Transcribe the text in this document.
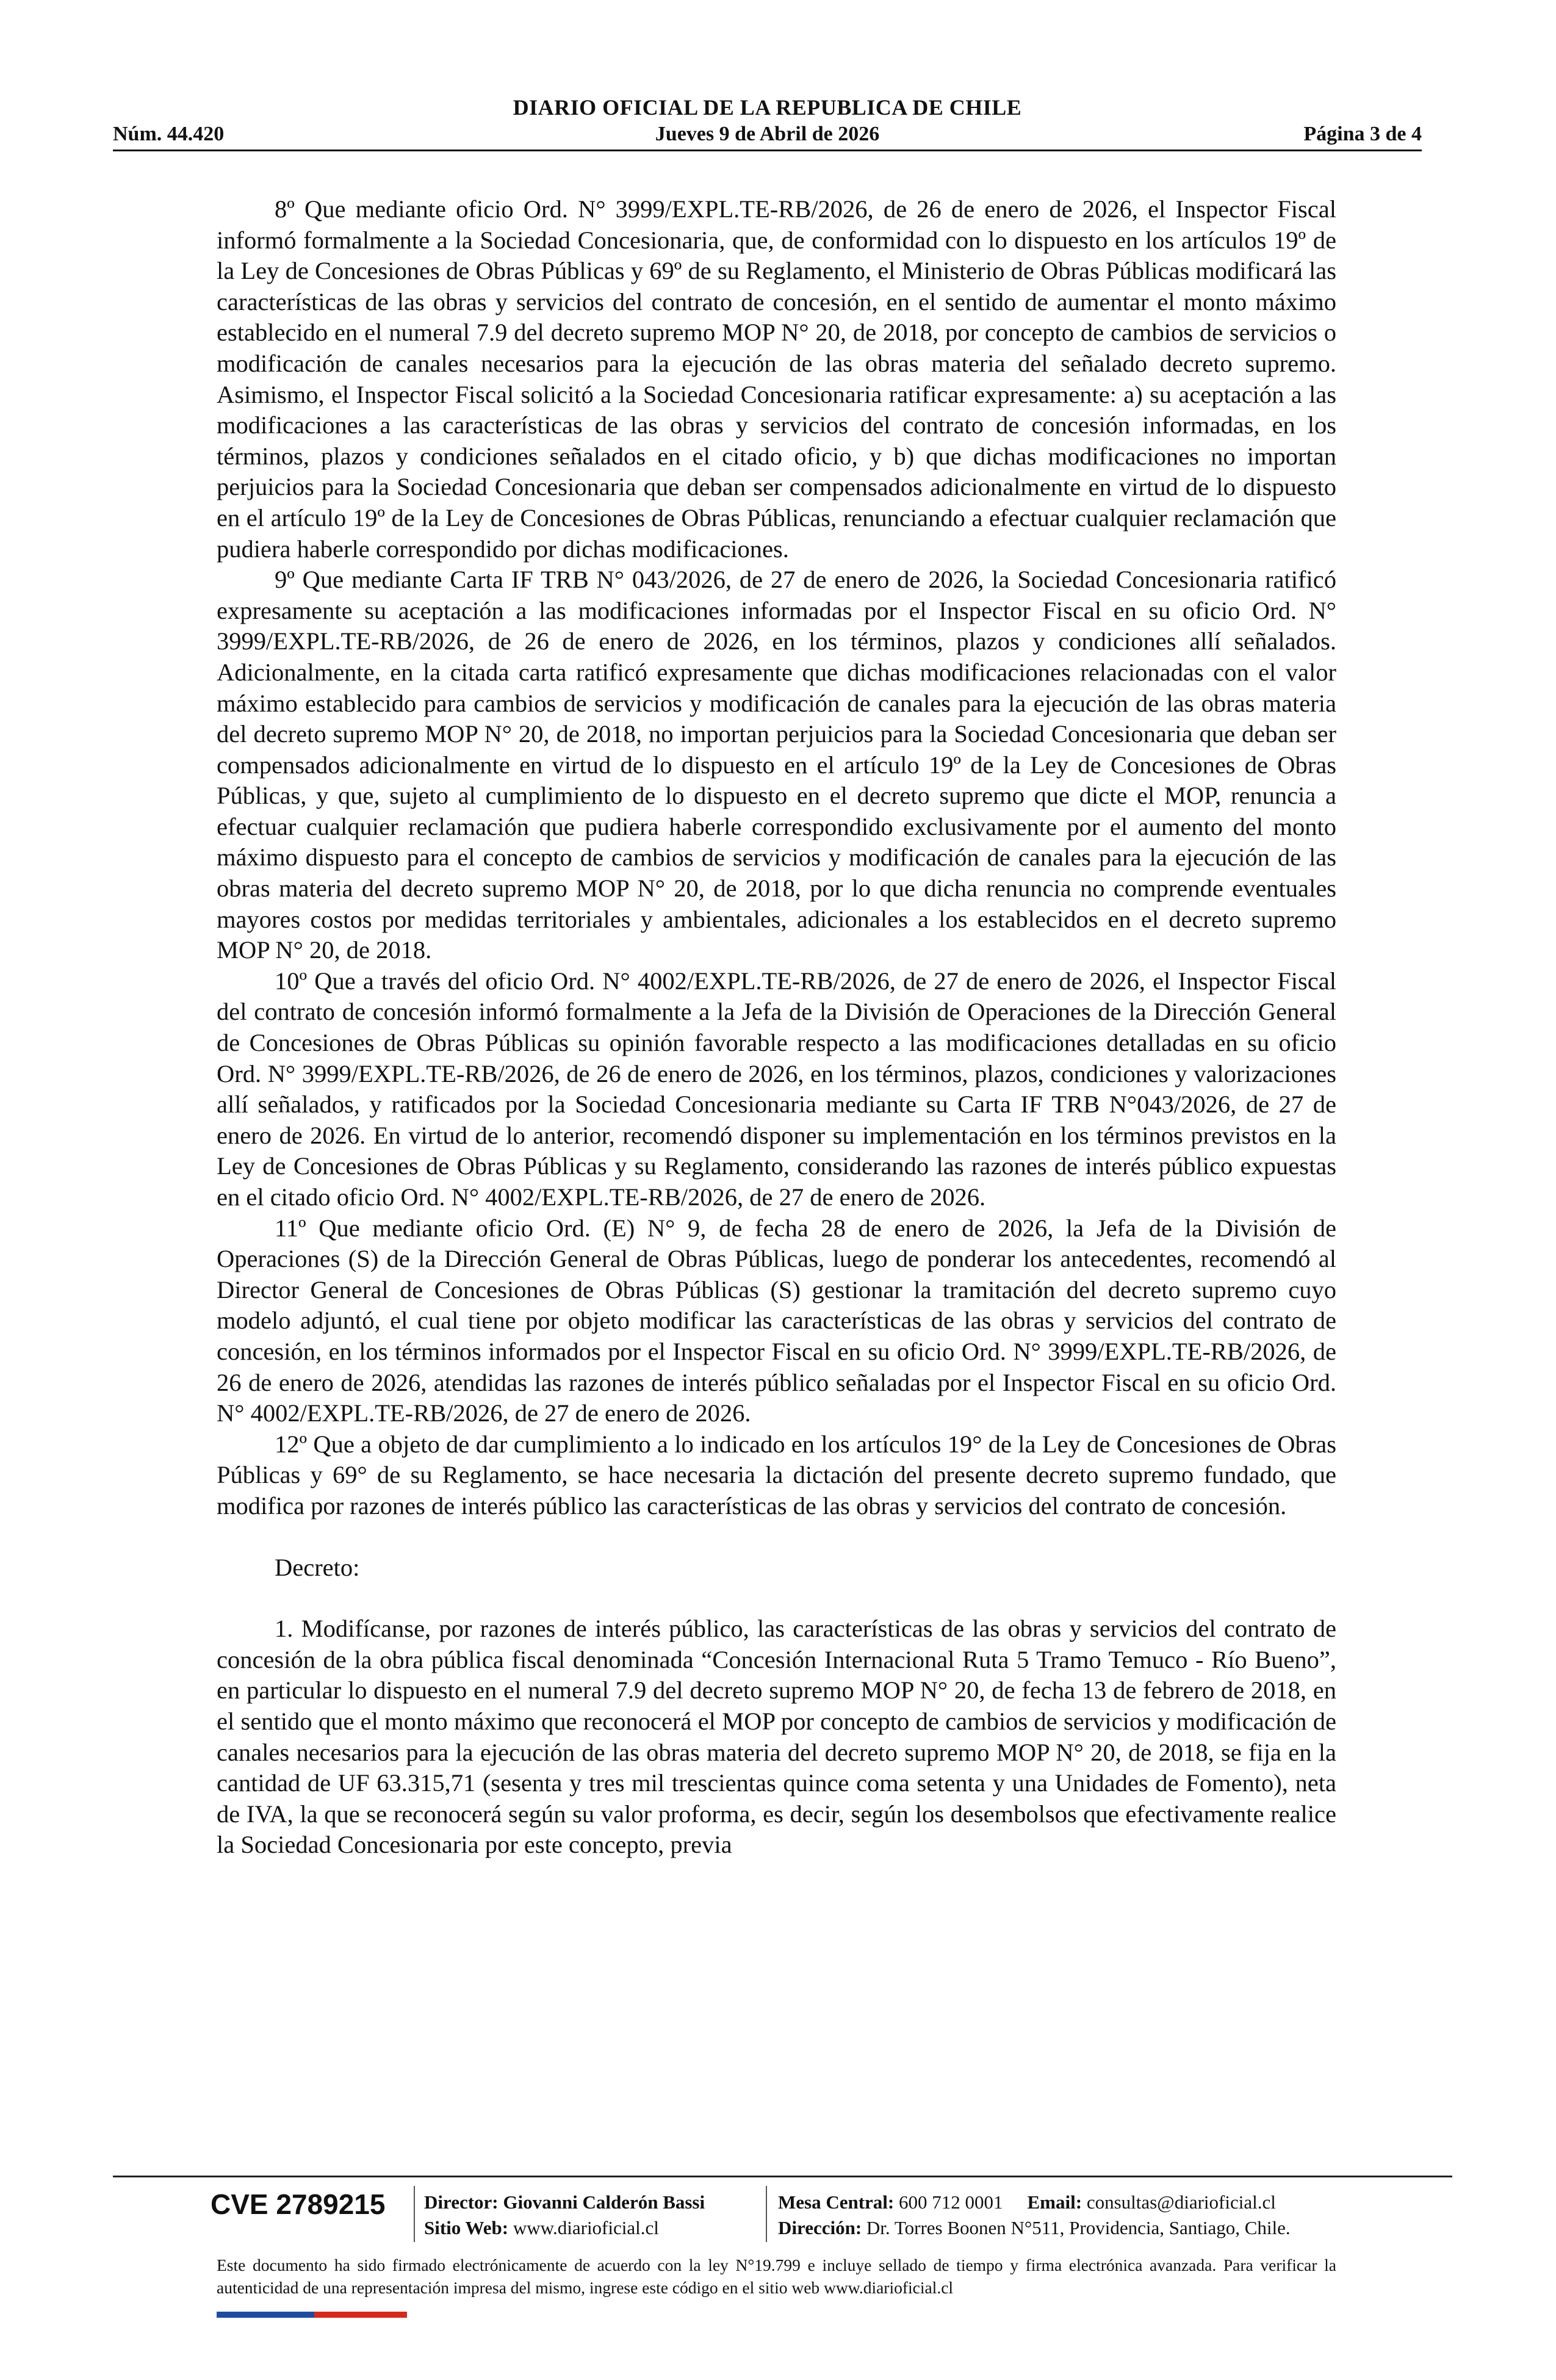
DIARIO OFICIAL DE LA REPUBLICA DE CHILE
Núm. 44.420	Jueves 9 de Abril de 2026	Página 3 de 4

8º Que mediante oficio Ord. N° 3999/EXPL.TE-RB/2026, de 26 de enero de 2026, el Inspector Fiscal informó formalmente a la Sociedad Concesionaria, que, de conformidad con lo dispuesto en los artículos 19º de la Ley de Concesiones de Obras Públicas y 69º de su Reglamento, el Ministerio de Obras Públicas modificará las características de las obras y servicios del contrato de concesión, en el sentido de aumentar el monto máximo establecido en el numeral 7.9 del decreto supremo MOP N° 20, de 2018, por concepto de cambios de servicios o modificación de canales necesarios para la ejecución de las obras materia del señalado decreto supremo. Asimismo, el Inspector Fiscal solicitó a la Sociedad Concesionaria ratificar expresamente: a) su aceptación a las modificaciones a las características de las obras y servicios del contrato de concesión informadas, en los términos, plazos y condiciones señalados en el citado oficio, y b) que dichas modificaciones no importan perjuicios para la Sociedad Concesionaria que deban ser compensados adicionalmente en virtud de lo dispuesto en el artículo 19º de la Ley de Concesiones de Obras Públicas, renunciando a efectuar cualquier reclamación que pudiera haberle correspondido por dichas modificaciones.

9º Que mediante Carta IF TRB N° 043/2026, de 27 de enero de 2026, la Sociedad Concesionaria ratificó expresamente su aceptación a las modificaciones informadas por el Inspector Fiscal en su oficio Ord. N° 3999/EXPL.TE-RB/2026, de 26 de enero de 2026, en los términos, plazos y condiciones allí señalados. Adicionalmente, en la citada carta ratificó expresamente que dichas modificaciones relacionadas con el valor máximo establecido para cambios de servicios y modificación de canales para la ejecución de las obras materia del decreto supremo MOP N° 20, de 2018, no importan perjuicios para la Sociedad Concesionaria que deban ser compensados adicionalmente en virtud de lo dispuesto en el artículo 19º de la Ley de Concesiones de Obras Públicas, y que, sujeto al cumplimiento de lo dispuesto en el decreto supremo que dicte el MOP, renuncia a efectuar cualquier reclamación que pudiera haberle correspondido exclusivamente por el aumento del monto máximo dispuesto para el concepto de cambios de servicios y modificación de canales para la ejecución de las obras materia del decreto supremo MOP N° 20, de 2018, por lo que dicha renuncia no comprende eventuales mayores costos por medidas territoriales y ambientales, adicionales a los establecidos en el decreto supremo MOP N° 20, de 2018.

10º Que a través del oficio Ord. N° 4002/EXPL.TE-RB/2026, de 27 de enero de 2026, el Inspector Fiscal del contrato de concesión informó formalmente a la Jefa de la División de Operaciones de la Dirección General de Concesiones de Obras Públicas su opinión favorable respecto a las modificaciones detalladas en su oficio Ord. N° 3999/EXPL.TE-RB/2026, de 26 de enero de 2026, en los términos, plazos, condiciones y valorizaciones allí señalados, y ratificados por la Sociedad Concesionaria mediante su Carta IF TRB N°043/2026, de 27 de enero de 2026. En virtud de lo anterior, recomendó disponer su implementación en los términos previstos en la Ley de Concesiones de Obras Públicas y su Reglamento, considerando las razones de interés público expuestas en el citado oficio Ord. N° 4002/EXPL.TE-RB/2026, de 27 de enero de 2026.

11º Que mediante oficio Ord. (E) N° 9, de fecha 28 de enero de 2026, la Jefa de la División de Operaciones (S) de la Dirección General de Obras Públicas, luego de ponderar los antecedentes, recomendó al Director General de Concesiones de Obras Públicas (S) gestionar la tramitación del decreto supremo cuyo modelo adjuntó, el cual tiene por objeto modificar las características de las obras y servicios del contrato de concesión, en los términos informados por el Inspector Fiscal en su oficio Ord. N° 3999/EXPL.TE-RB/2026, de 26 de enero de 2026, atendidas las razones de interés público señaladas por el Inspector Fiscal en su oficio Ord. N° 4002/EXPL.TE-RB/2026, de 27 de enero de 2026.

12º Que a objeto de dar cumplimiento a lo indicado en los artículos 19° de la Ley de Concesiones de Obras Públicas y 69° de su Reglamento, se hace necesaria la dictación del presente decreto supremo fundado, que modifica por razones de interés público las características de las obras y servicios del contrato de concesión.

Decreto:

1. Modifícanse, por razones de interés público, las características de las obras y servicios del contrato de concesión de la obra pública fiscal denominada “Concesión Internacional Ruta 5 Tramo Temuco - Río Bueno”, en particular lo dispuesto en el numeral 7.9 del decreto supremo MOP N° 20, de fecha 13 de febrero de 2018, en el sentido que el monto máximo que reconocerá el MOP por concepto de cambios de servicios y modificación de canales necesarios para la ejecución de las obras materia del decreto supremo MOP N° 20, de 2018, se fija en la cantidad de UF 63.315,71 (sesenta y tres mil trescientas quince coma setenta y una Unidades de Fomento), neta de IVA, la que se reconocerá según su valor proforma, es decir, según los desembolsos que efectivamente realice la Sociedad Concesionaria por este concepto, previa

CVE 2789215	Director: Giovanni Calderón Bassi
Sitio Web: www.diarioficial.cl
Mesa Central: 600 712 0001 Email: consultas@diarioficial.cl
Dirección: Dr. Torres Boonen N°511, Providencia, Santiago, Chile.
Este documento ha sido firmado electrónicamente de acuerdo con la ley N°19.799 e incluye sellado de tiempo y firma electrónica avanzada. Para verificar la autenticidad de una representación impresa del mismo, ingrese este código en el sitio web www.diarioficial.cl
